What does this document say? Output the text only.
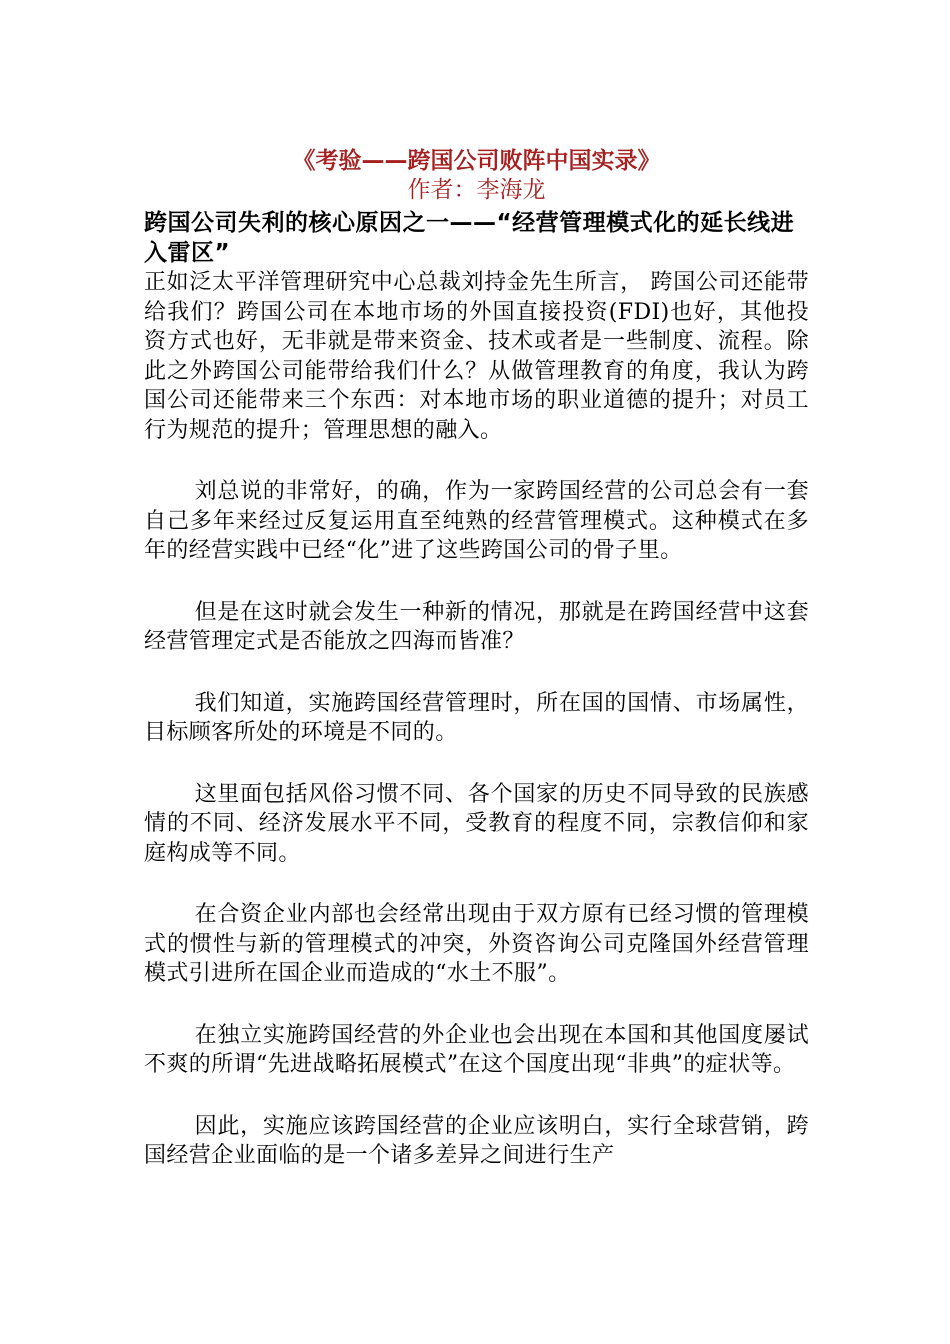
《考验——跨国公司败阵中国实录》

作者：李海龙

跨国公司失利的核心原因之一——“经营管理模式化的延长线进入雷区”

正如泛太平洋管理研究中心总裁刘持金先生所言， 跨国公司还能带给我们？跨国公司在本地市场的外国直接投资(FDI)也好，其他投资方式也好，无非就是带来资金、技术或者是一些制度、流程。除此之外跨国公司能带给我们什么？从做管理教育的角度，我认为跨国公司还能带来三个东西：对本地市场的职业道德的提升；对员工行为规范的提升；管理思想的融入。

刘总说的非常好，的确，作为一家跨国经营的公司总会有一套自己多年来经过反复运用直至纯熟的经营管理模式。这种模式在多年的经营实践中已经“化”进了这些跨国公司的骨子里。

但是在这时就会发生一种新的情况，那就是在跨国经营中这套经营管理定式是否能放之四海而皆准？

我们知道，实施跨国经营管理时，所在国的国情、市场属性，目标顾客所处的环境是不同的。

这里面包括风俗习惯不同、各个国家的历史不同导致的民族感情的不同、经济发展水平不同，受教育的程度不同，宗教信仰和家庭构成等不同。

在合资企业内部也会经常出现由于双方原有已经习惯的管理模式的惯性与新的管理模式的冲突，外资咨询公司克隆国外经营管理模式引进所在国企业而造成的“水土不服”。

在独立实施跨国经营的外企业也会出现在本国和其他国度屡试不爽的所谓“先进战略拓展模式”在这个国度出现“非典”的症状等。

因此，实施应该跨国经营的企业应该明白，实行全球营销，跨国经营企业面临的是一个诸多差异之间进行生产
